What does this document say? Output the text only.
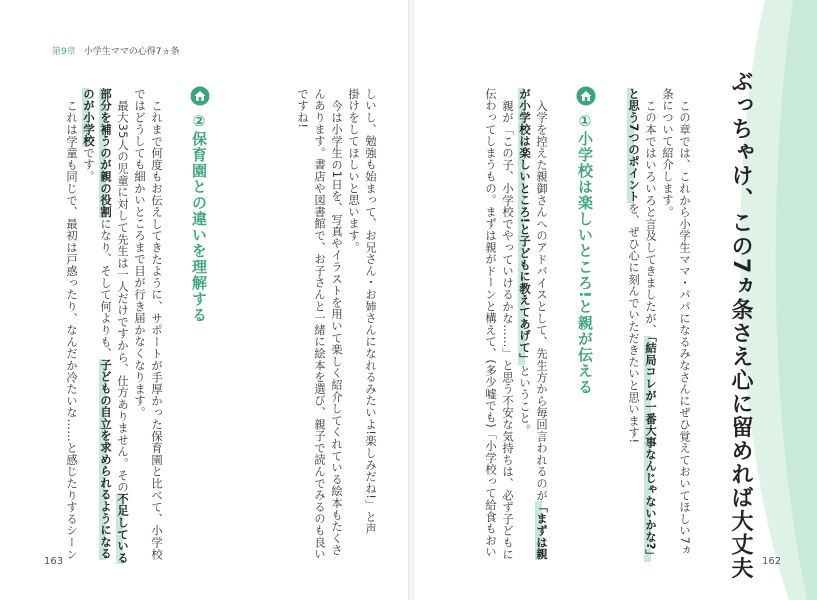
第9章 小学生ママの心得7ヵ条
163	162
ぶっちゃけ、この7ヵ条さえ心に留めれば大丈夫
この章では、これから小学生ママ・パパになるみなさんにぜひ覚えておいてほしい7ヵ
条について紹介します。
この本ではいろいろと言及してきましたが、「結局コレが一番大事なんじゃないかな?」
と思う7つのポイントを、ぜひ心に刻んでいただきたいと思います!
①小学校は楽しいところ!と親が伝える
入学を控えた親御さんへのアドバイスとして、先生方から毎回言われるのが「まずは親
が小学校は楽しいところ!と子どもに教えてあげて」ということ。
親が「この子、小学校でやっていけるかな……」と思う不安な気持ちは、必ず子どもに
伝わってしまうもの。まずは親がドーンと構えて、(多少嘘でも)「小学校って給食もおい
しいし、勉強も始まって、お兄さん・お姉さんになれるみたいよ!楽しみだね!」と声
掛けをしてほしいと思います。
今は小学生の1日を、写真やイラストを用いて楽しく紹介してくれている絵本もたくさ
んあります。書店や図書館で、お子さんと一緒に絵本を選び、親子で読んでみるのも良い
ですね!
②保育園との違いを理解する
これまで何度もお伝えしてきたように、サポートが手厚かった保育園と比べて、小学校
ではどうしても細かいところまで目が行き届かなくなります。
最大35人の児童に対して先生は一人だけですから、仕方ありません。その不足している
部分を補うのが親の役割になり、そして何よりも、子どもの自立を求められるようになる
のが小学校です。
これは学童も同じで、最初は戸惑ったり、なんだか冷たいな……と感じたりするシーン
